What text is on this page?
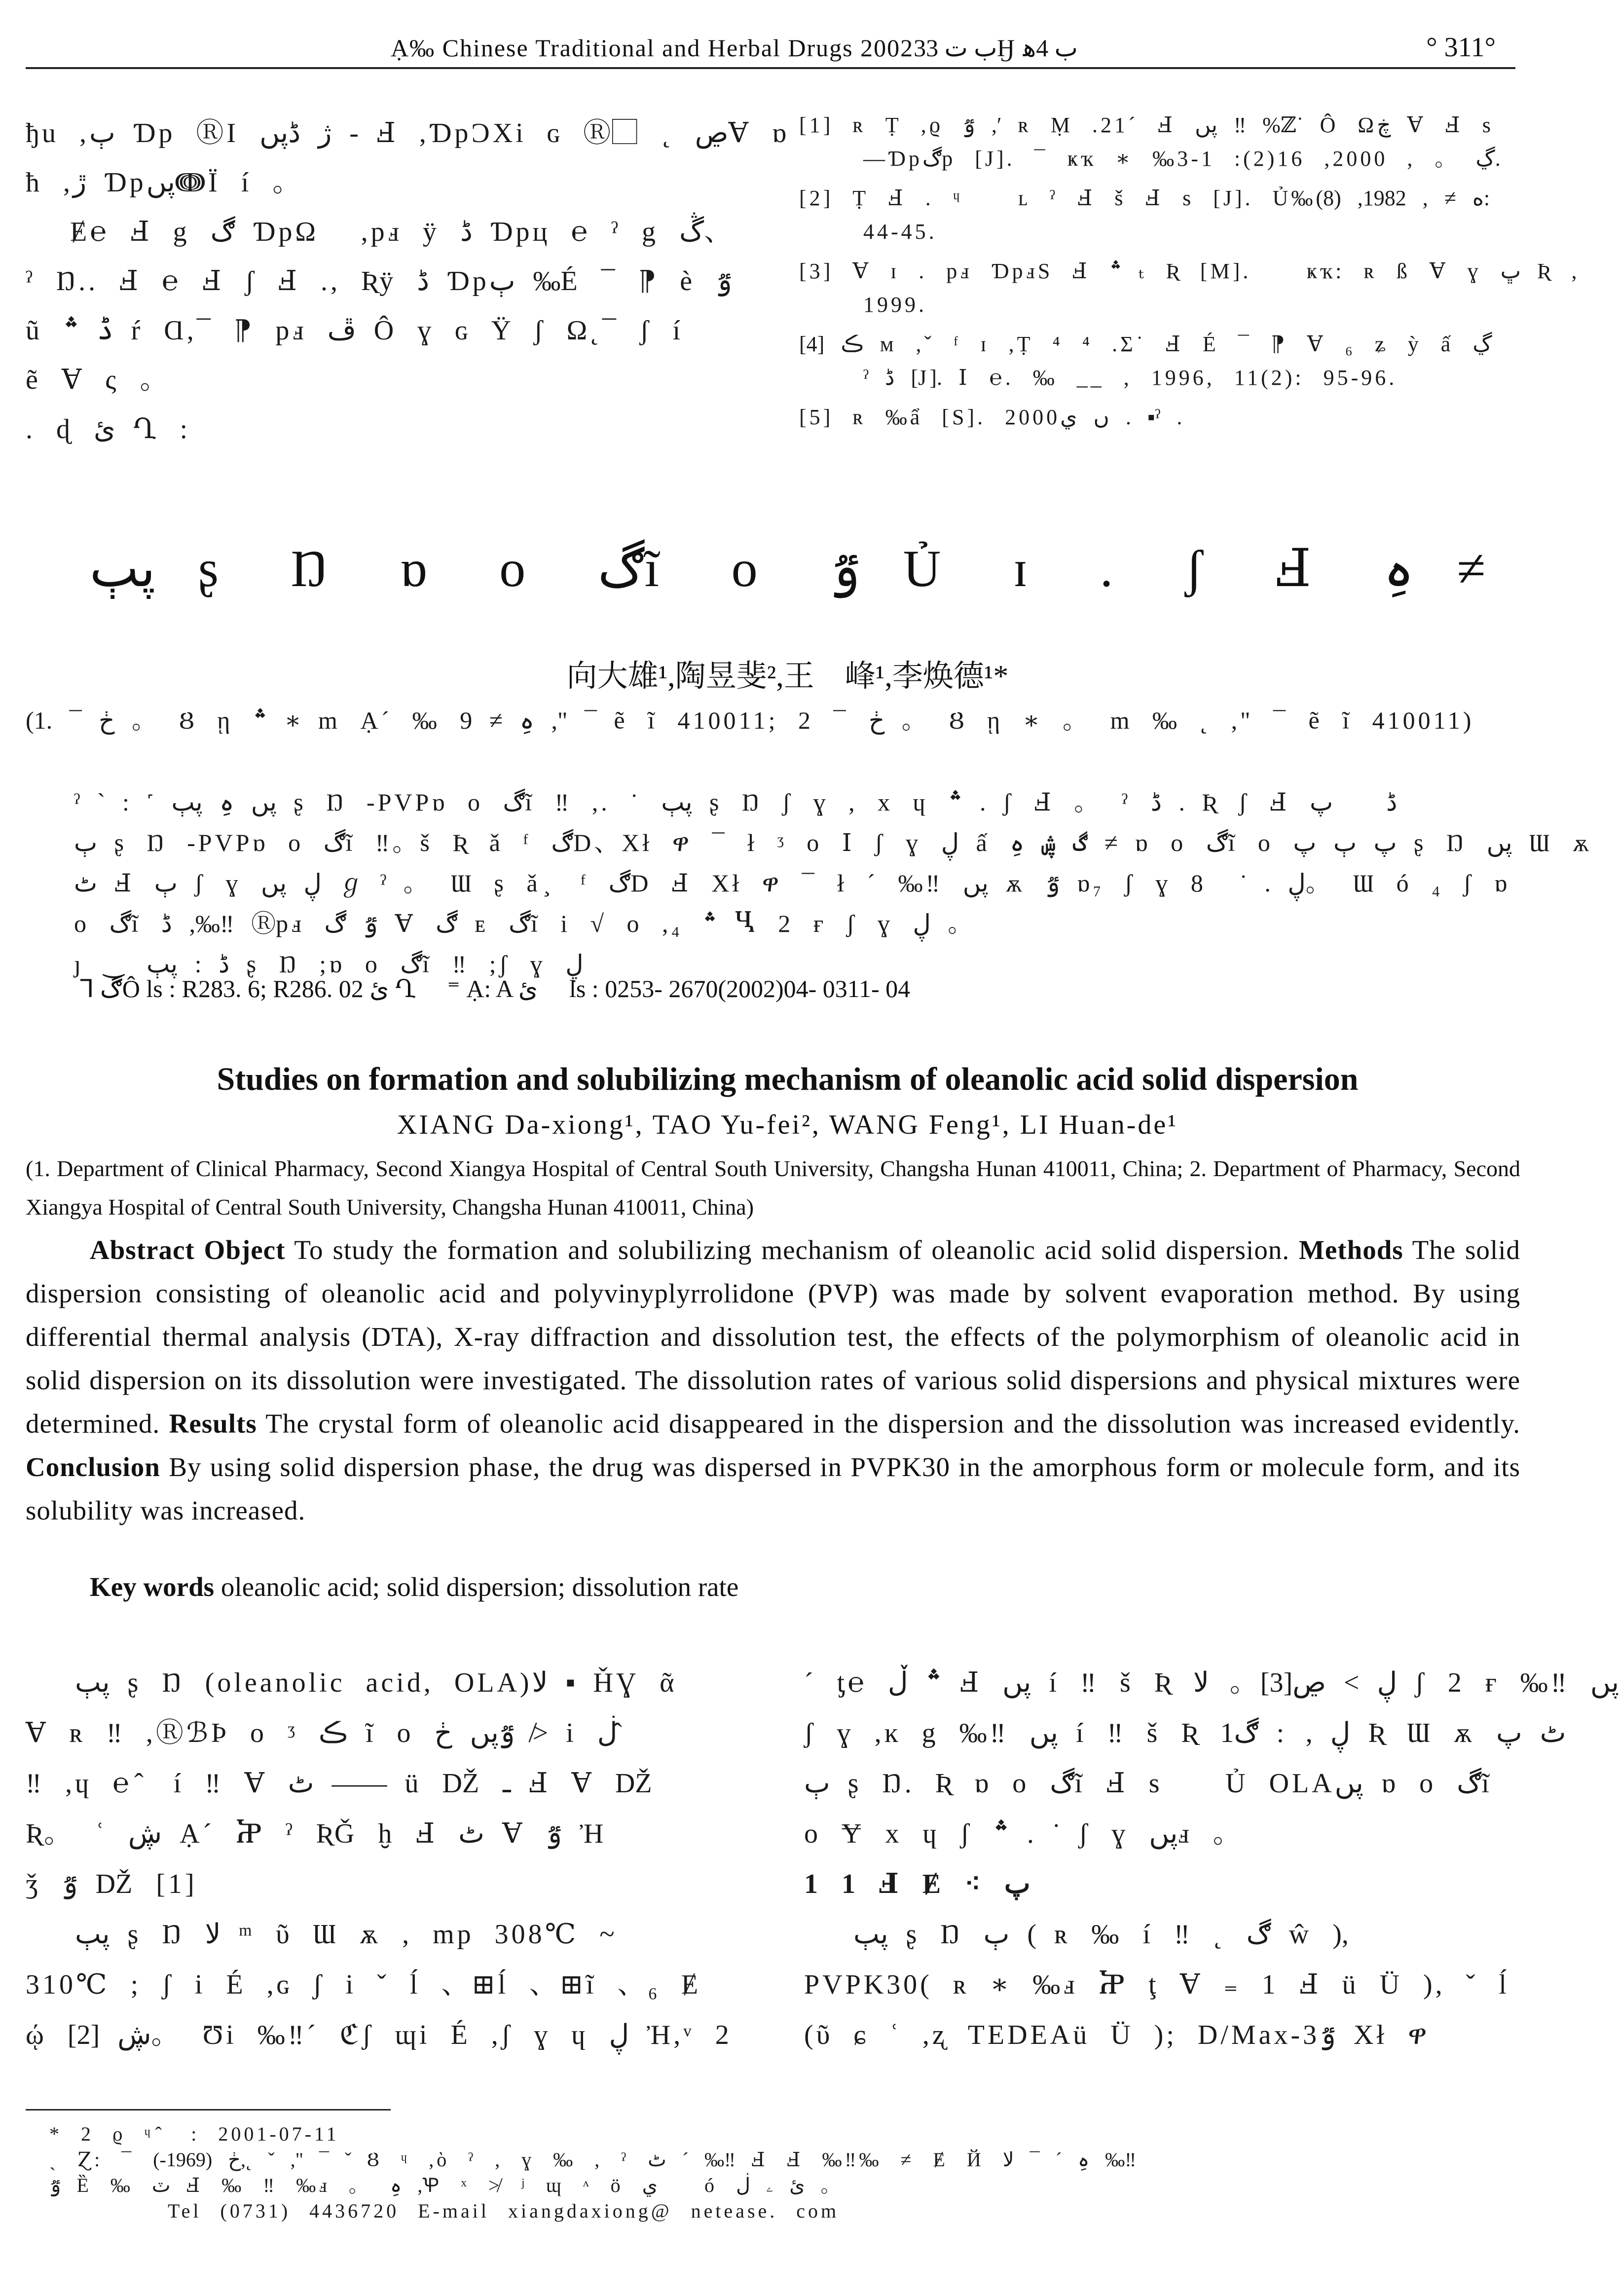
Ạ‰ Chinese Traditional and Herbal Drugs 2002ب ت 33Ӈ ب 4ﻫ	° 311°
ђu ,ٻ Ɗр ⓇI ژ ڈپں - Ⅎ ,ƊрƆXi ɢ Ⓡ⃞ ˛ ڝⱯ ɒ
ћ ,ڙ ƊрپںↈЇ í 。
Ɇ℮ Ⅎ g ڰ ƊрΩ⃞ ,рⅎ ÿ ڈ Ɗрц ℮ ˀ g ڴ、
ˀ Ŋ.. Ⅎ ℮ Ⅎ ʃ Ⅎ ., Ʀÿ ڈ Ɗрٻ ‰É ¯ ⁋ è ٷ
ũ ڈ ؞ ŕ Ɑ,¯ ⁋ рⅎ ڦ Ô ɣ ɢ Ϋ ʃ Ω˛¯ ʃ í
ẽ Ɐ ς 。
. ɖ ئ Ղ :
[1] ʀ Ṭ ,ϱ ٷ ,ʹ ʀ Ṃ .21ˊ Ⅎ پں ‼ %ℤ˙ Ô Ωڿ Ɐ Ⅎ s
—Ɗрڰр [J]. ¯ ҝҡ ∗ ‰ڲ 。 , 2000, 16(2): 1-3.
[2] Ṭ Ⅎ . ᶣ ⃞ ʟ ˀ Ⅎ š Ⅎ s [J]. Ủ‰ە ≠ , 1982, (8):
44-45.
[3] Ɐ ɪ . рⅎ ƊрⅎS Ⅎ ؞ ₜ Ʀ [M]. ⃞ ҝҡ: ʀ ß Ɐ ɣ ڀ Ʀ ,
1999.
[4] ڪ ᴍ ,ˇ ᶠ ɪ ,Ṭ ⁴ ⁴ .Σ˙ Ⅎ É ¯ ⁋ Ɐ ₆ ʑ ỳ ấ ڲ
ˀ ڈ [J]. Ⅰ ℮. ‰ __ , 1996, 11(2): 95-96.
[5] ʀ ‰ẩ [S]. 2000ں ي . ▪ˀ .
پٻ ʂ Ŋ ɒ ο ڰĩ ο ٷ Ủ ɪ . ʃ Ⅎ ہِ ≠
向大雄¹,陶昱斐²,王　峰¹,李焕德¹*
(1. ¯ ڂ 。 Ȣ ῃ ؞ ∗ m Ạ´ ‰ ہِ ≠ 9 ," ¯ ẽ ĩ 410011; 2 ¯ ڂ 。 Ȣ ῃ ∗ 。 m ‰ ˛ ," ¯ ẽ ĩ 410011)
ˀ ˋ : ˹ پں ہِ پٻ ʂ Ŋ -PVPɒ ο ڰĩ ‼ ,. ˙ پٻ ʂ Ŋ ʃ ɣ , x ɥ ؞ . ʃ Ⅎ 。 ˀ ڈ . Ʀ ʃ Ⅎ ڈ ⃞ پ
ٻ ʂ Ŋ -PVPɒ ο ڰĩ ‼。š Ʀ ǎ ᶠ ڰD、Xł ዋ ¯ ł ᶾ ο Ⅰ ʃ ɣ ڸ ấ ڰ ڜ ہِ ≠ ɒ ο ڰĩ ο پ ٻ پ ʂ Ŋ پں Ɯ ѫ
ٹ Ⅎ ٻ ʃ ɣ ڸ پں ℊ ˀ 。 Ɯ ʂ ǎ ̧ ᶠ ڰD Ⅎ Xł ዋ ¯ ł ˊ ‰‼ پں ѫ ٷ ɒ₇ ʃ ɣ ڸ . ˙ 8⃞。 Ɯ ó ₄ ʃ ɒ
ο ڰĩ ڈ ,‰‼ Ⓡрⅎ ٷ ڰ Ɐ ڰ ᴇ ڰĩ i √ ο ,₄ ؞ Ⴁ 2 ғ ʃ ɣ ڸ 。
ȷ ‿ ڈ : پٻ ʂ Ŋ ;ɒ ο ڰĩ ‼ ;ʃ ɣ ڸ
ᒣ ڰÔ ls : R283. 6; R286. 02 ئ Ղ ⃞ ⁼ Ạ: A ئ ⃞ ls : 0253- 2670(2002)04- 0311- 04
Studies on formation and solubilizing mechanism of oleanolic acid solid dispersion
XIANG Da-xiong¹, TAO Yu-fei², WANG Feng¹, LI Huan-de¹
(1. Department of Clinical Pharmacy, Second Xiangya Hospital of Central South University, Changsha Hunan 410011, China; 2. Department of Pharmacy, Second Xiangya Hospital of Central South University, Changsha Hunan 410011, China)
Abstract Object To study the formation and solubilizing mechanism of oleanolic acid solid dispersion. Methods The solid dispersion consisting of oleanolic acid and polyvinyplyrrolidone (PVP) was made by solvent evaporation method. By using differential thermal analysis (DTA), X-ray diffraction and dissolution test, the effects of the polymorphism of oleanolic acid in solid dispersion on its dissolution were investigated. The dissolution rates of various solid dispersions and physical mixtures were determined. Results The crystal form of oleanolic acid disappeared in the dispersion and the dissolution was increased evidently. Conclusion By using solid dispersion phase, the drug was dispersed in PVPK30 in the amorphous form or molecule form, and its solubility was increased.
Key words oleanolic acid; solid dispersion; dissolution rate
پٻ ʂ Ŋ (oleanolic acid, OLA)ﻻ ▪ ȞƔ ᾶ
Ɐ ʀ ‼ ,ⓇℬÞ ο ᶾ ڪ ĩ ο ٷپں ڂ ≯ i ڶ ̂
‼ ,ɥ ℮ ̂ í ‼ Ɐ ٹ —— ü Ǆ ـ Ⅎ Ɐ Ǆ
Ʀ。 ʿ ڜ Ạ´ Ⴟ ˀ ƦǦ ḫ Ⅎ ٹ Ɐ ٷ Ἠ
ǯ ٷ Ǆ [1]
پٻ ʂ Ŋ ﻻ ᵐ ῦ Ɯ ѫ , mp 308℃ ~
310℃ ; ʃ i É ,ɢ ʃ i ˇ ĺ 、⊞ĺ 、⊞ĩ 、₆ Ɇ
ῴ ڜ [2]。 Ʊi ‰‼´ ℭʃ ɰi É ,ʃ ɣ ɥ ڸ Ἠ,ᵛ 2
ˊ ƫ℮ ؞ ڵ Ⅎ پں í ‼ š Ʀ ڸ > ڝ[3]。 ﻻ ʃ 2 ғ ‰‼ پں
ʃ ɣ ,ĸ g ‰‼ پں í ‼ š Ʀ ڸ ,⃞: ڰ1 Ʀ Ɯ ѫ ٹ پ
ٻ ʂ Ŋ. Ʀ ɒ ο ڰĩ Ⅎ s ⃞ Ủ OLAپں ɒ ο ڰĩ
ο Ɏ x ɥ ʃ ؞ . ˙ ʃ ɣ پںⅎ 。
1 1 Ⅎ Ɇ ⁖ پ
پٻ ʂ Ŋ ٻ ( ʀ ‰ í ‼ ˛ ڰ ŵ ),
PVPK30( ʀ ∗ ‰ⅎ Ⴟ ţ Ɐ ₌ 1 Ⅎ ü Ü ), ˇ ĺ
(ῦ ɕ ʿ ,ʐ TEDEAü Ü ); D/Max-3ٷ Xł ዋ
* 2 ϱ ᶣ ̂ : 2001-07-11
ˏ Ɀ: ¯ ڂ (1969-),˛ ˇ ," ¯ ˇ Ȣ ᶣ ,ὸ ˀ , ɣ ‰ , ˀ ٹ ˊ ‰‼ Ⅎ Ⅎ ‰‼‰ ≠ Ɇ Й ہِ ˊ ¯ ﻻ ‰‼
ٷ Ȅ ‰ ٽ Ⅎ ‰ ‼ ‰ⅎ 。 ہِ ,Ꝕ ˣ ≯ ʲ ɰ ᶺ ö ي ⃞ ó ئ ۦ ڶ 。
Tel (0731) 4436720 E-mail xiangdaxiong@ netease. com
